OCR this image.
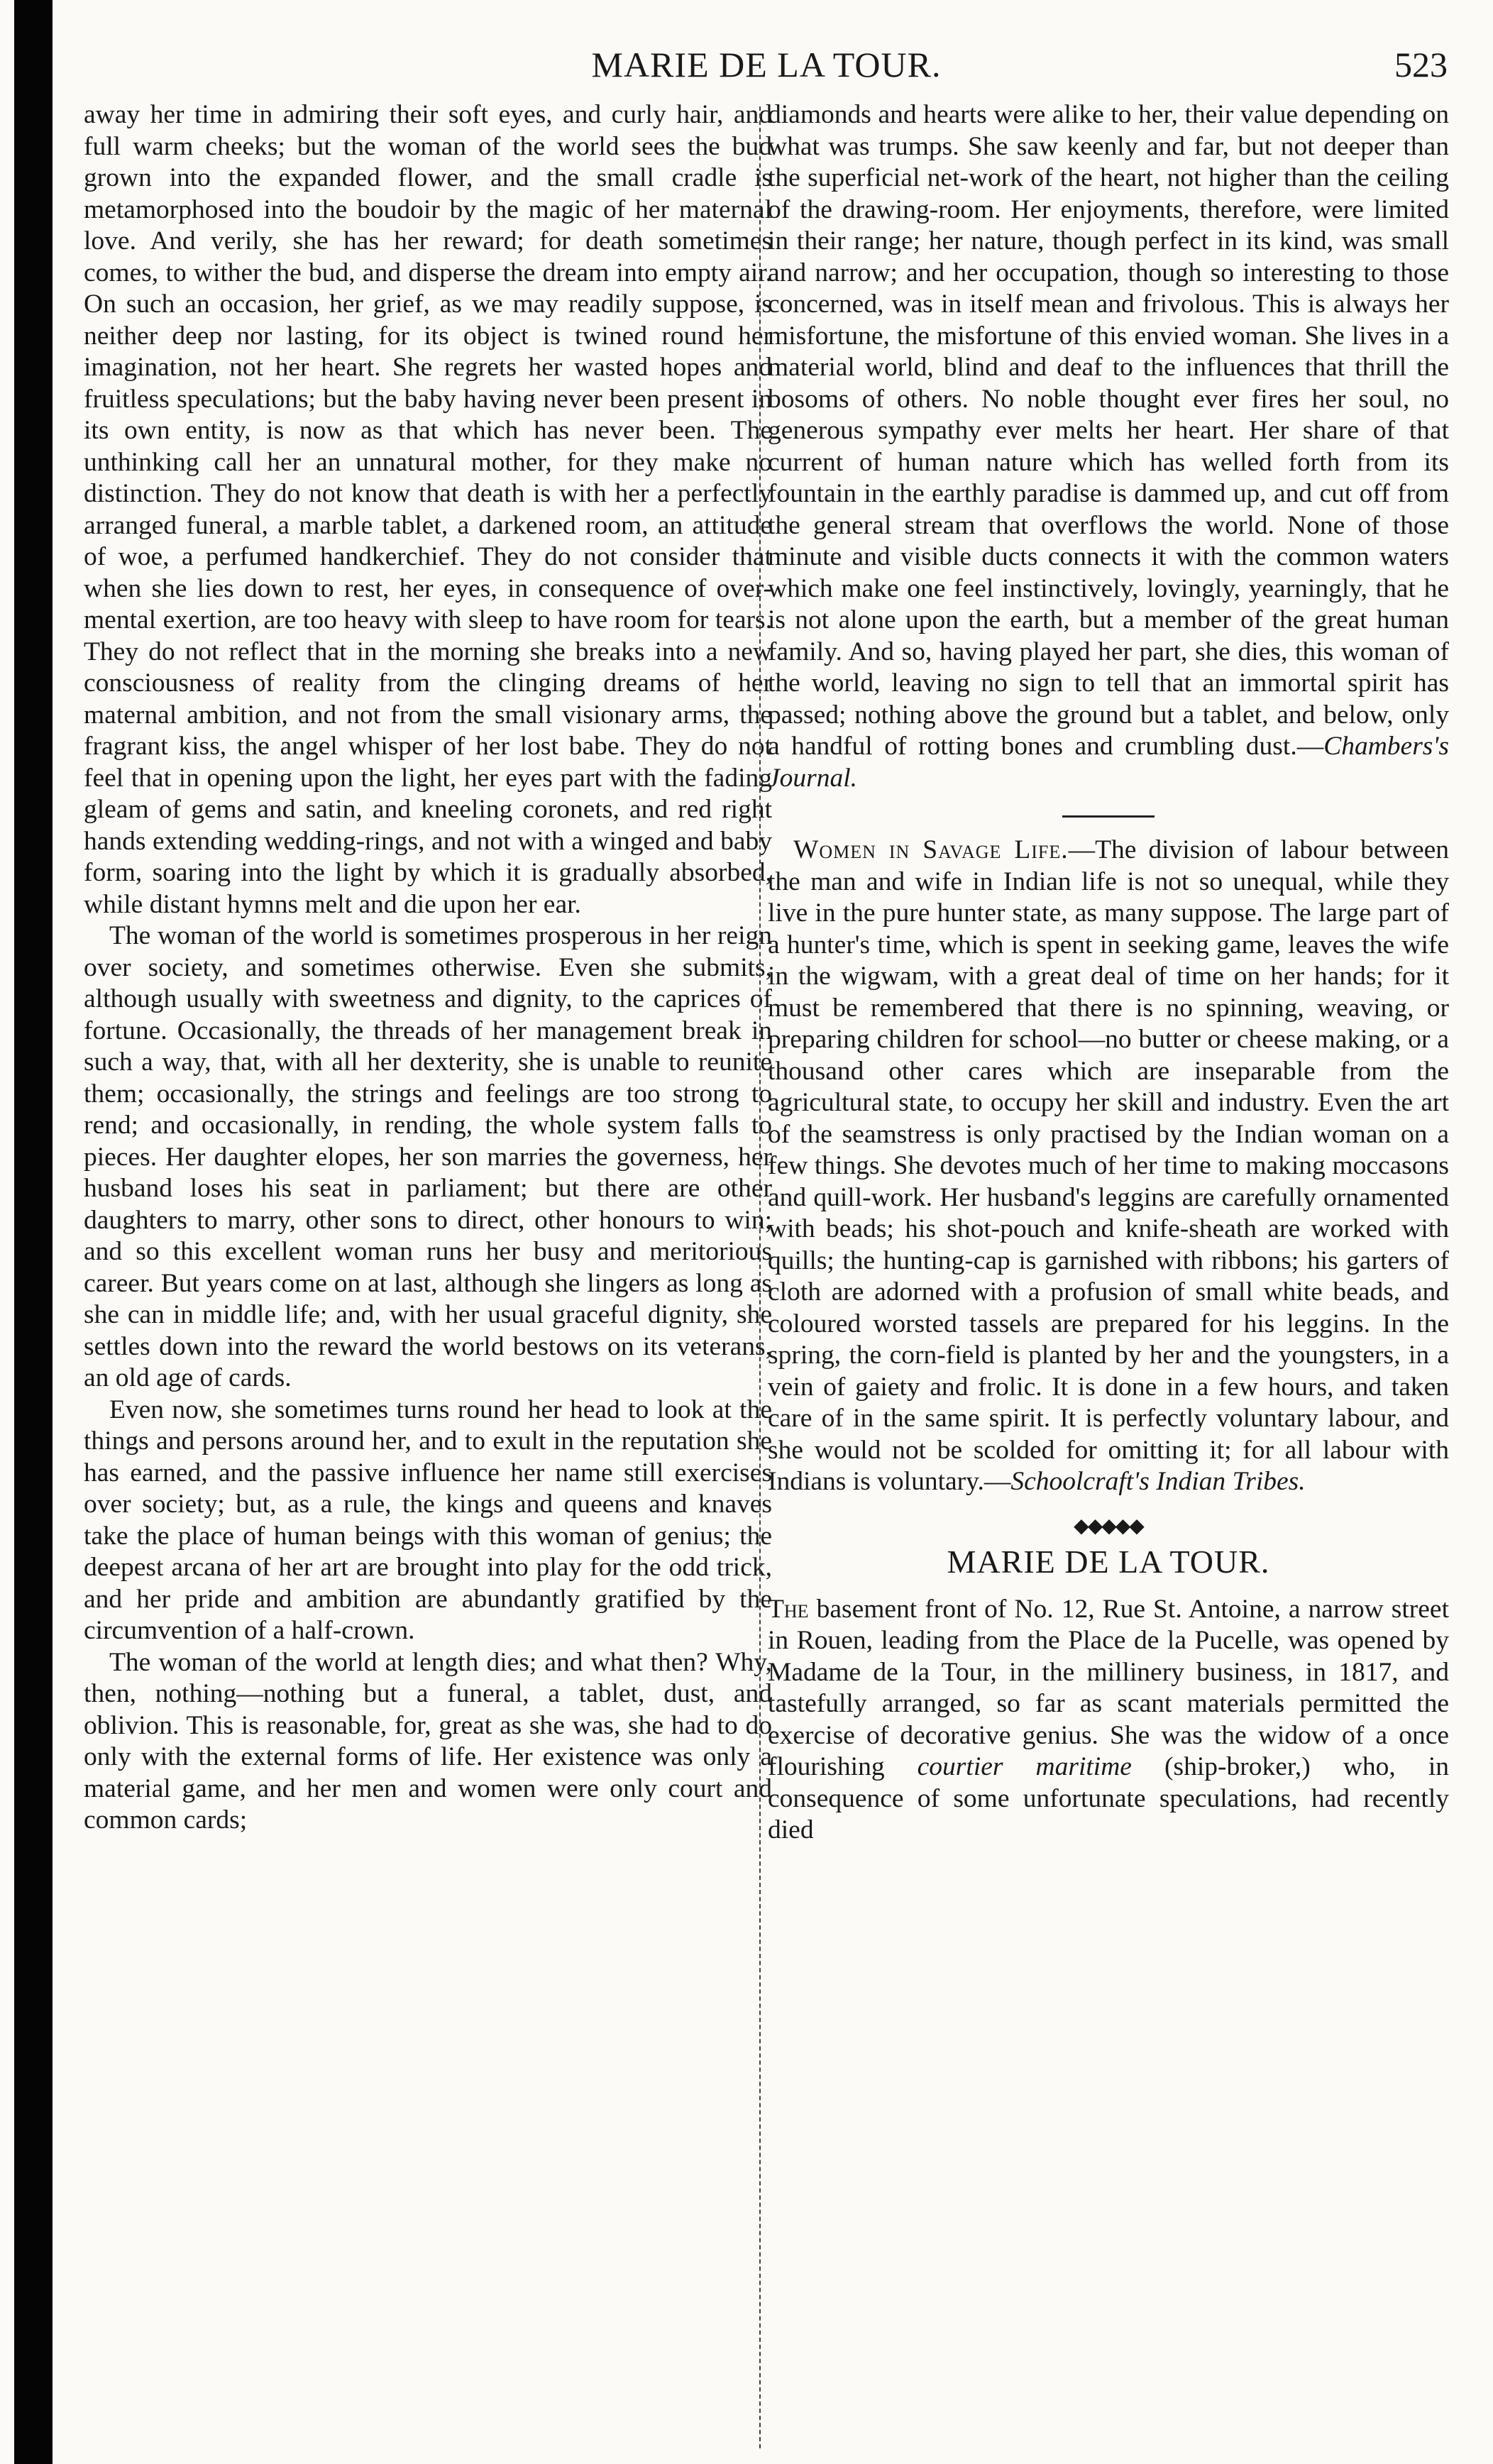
MARIE DE LA TOUR.	523

away her time in admiring their soft eyes, and curly hair, and full warm cheeks; but the woman of the world sees the bud grown into the expanded flower, and the small cradle is metamorphosed into the boudoir by the magic of her maternal love. And verily, she has her reward; for death sometimes comes, to wither the bud, and disperse the dream into empty air. On such an occasion, her grief, as we may readily suppose, is neither deep nor lasting, for its object is twined round her imagination, not her heart. She regrets her wasted hopes and fruitless speculations; but the baby having never been present in its own entity, is now as that which has never been. The unthinking call her an unnatural mother, for they make no distinction. They do not know that death is with her a perfectly arranged funeral, a marble tablet, a darkened room, an attitude of woe, a perfumed handkerchief. They do not consider that when she lies down to rest, her eyes, in consequence of over-mental exertion, are too heavy with sleep to have room for tears. They do not reflect that in the morning she breaks into a new consciousness of reality from the clinging dreams of her maternal ambition, and not from the small visionary arms, the fragrant kiss, the angel whisper of her lost babe. They do not feel that in opening upon the light, her eyes part with the fading gleam of gems and satin, and kneeling coronets, and red right hands extending wedding-rings, and not with a winged and baby form, soaring into the light by which it is gradually absorbed, while distant hymns melt and die upon her ear.

The woman of the world is sometimes prosperous in her reign over society, and sometimes otherwise. Even she submits, although usually with sweetness and dignity, to the caprices of fortune. Occasionally, the threads of her management break in such a way, that, with all her dexterity, she is unable to reunite them; occasionally, the strings and feelings are too strong to rend; and occasionally, in rending, the whole system falls to pieces. Her daughter elopes, her son marries the governess, her husband loses his seat in parliament; but there are other daughters to marry, other sons to direct, other honours to win; and so this excellent woman runs her busy and meritorious career. But years come on at last, although she lingers as long as she can in middle life; and, with her usual graceful dignity, she settles down into the reward the world bestows on its veterans, an old age of cards.

Even now, she sometimes turns round her head to look at the things and persons around her, and to exult in the reputation she has earned, and the passive influence her name still exercises over society; but, as a rule, the kings and queens and knaves take the place of human beings with this woman of genius; the deepest arcana of her art are brought into play for the odd trick, and her pride and ambition are abundantly gratified by the circumvention of a half-crown.

The woman of the world at length dies; and what then? Why, then, nothing—nothing but a funeral, a tablet, dust, and oblivion. This is reasonable, for, great as she was, she had to do only with the external forms of life. Her existence was only a material game, and her men and women were only court and common cards;

diamonds and hearts were alike to her, their value depending on what was trumps. She saw keenly and far, but not deeper than the superficial net-work of the heart, not higher than the ceiling of the drawing-room. Her enjoyments, therefore, were limited in their range; her nature, though perfect in its kind, was small and narrow; and her occupation, though so interesting to those concerned, was in itself mean and frivolous. This is always her misfortune, the misfortune of this envied woman. She lives in a material world, blind and deaf to the influences that thrill the bosoms of others. No noble thought ever fires her soul, no generous sympathy ever melts her heart. Her share of that current of human nature which has welled forth from its fountain in the earthly paradise is dammed up, and cut off from the general stream that overflows the world. None of those minute and visible ducts connects it with the common waters which make one feel instinctively, lovingly, yearningly, that he is not alone upon the earth, but a member of the great human family. And so, having played her part, she dies, this woman of the world, leaving no sign to tell that an immortal spirit has passed; nothing above the ground but a tablet, and below, only a handful of rotting bones and crumbling dust.—Chambers's Journal.

Women in Savage Life.—The division of labour between the man and wife in Indian life is not so unequal, while they live in the pure hunter state, as many suppose. The large part of a hunter's time, which is spent in seeking game, leaves the wife in the wigwam, with a great deal of time on her hands; for it must be remembered that there is no spinning, weaving, or preparing children for school—no butter or cheese making, or a thousand other cares which are inseparable from the agricultural state, to occupy her skill and industry. Even the art of the seamstress is only practised by the Indian woman on a few things. She devotes much of her time to making moccasons and quill-work. Her husband's leggins are carefully ornamented with beads; his shot-pouch and knife-sheath are worked with quills; the hunting-cap is garnished with ribbons; his garters of cloth are adorned with a profusion of small white beads, and coloured worsted tassels are prepared for his leggins. In the spring, the corn-field is planted by her and the youngsters, in a vein of gaiety and frolic. It is done in a few hours, and taken care of in the same spirit. It is perfectly voluntary labour, and she would not be scolded for omitting it; for all labour with Indians is voluntary.—Schoolcraft's Indian Tribes.

◆◆◆◆◆
MARIE DE LA TOUR.

The basement front of No. 12, Rue St. Antoine, a narrow street in Rouen, leading from the Place de la Pucelle, was opened by Madame de la Tour, in the millinery business, in 1817, and tastefully arranged, so far as scant materials permitted the exercise of decorative genius. She was the widow of a once flourishing courtier maritime (ship-broker,) who, in consequence of some unfortunate speculations, had recently died
